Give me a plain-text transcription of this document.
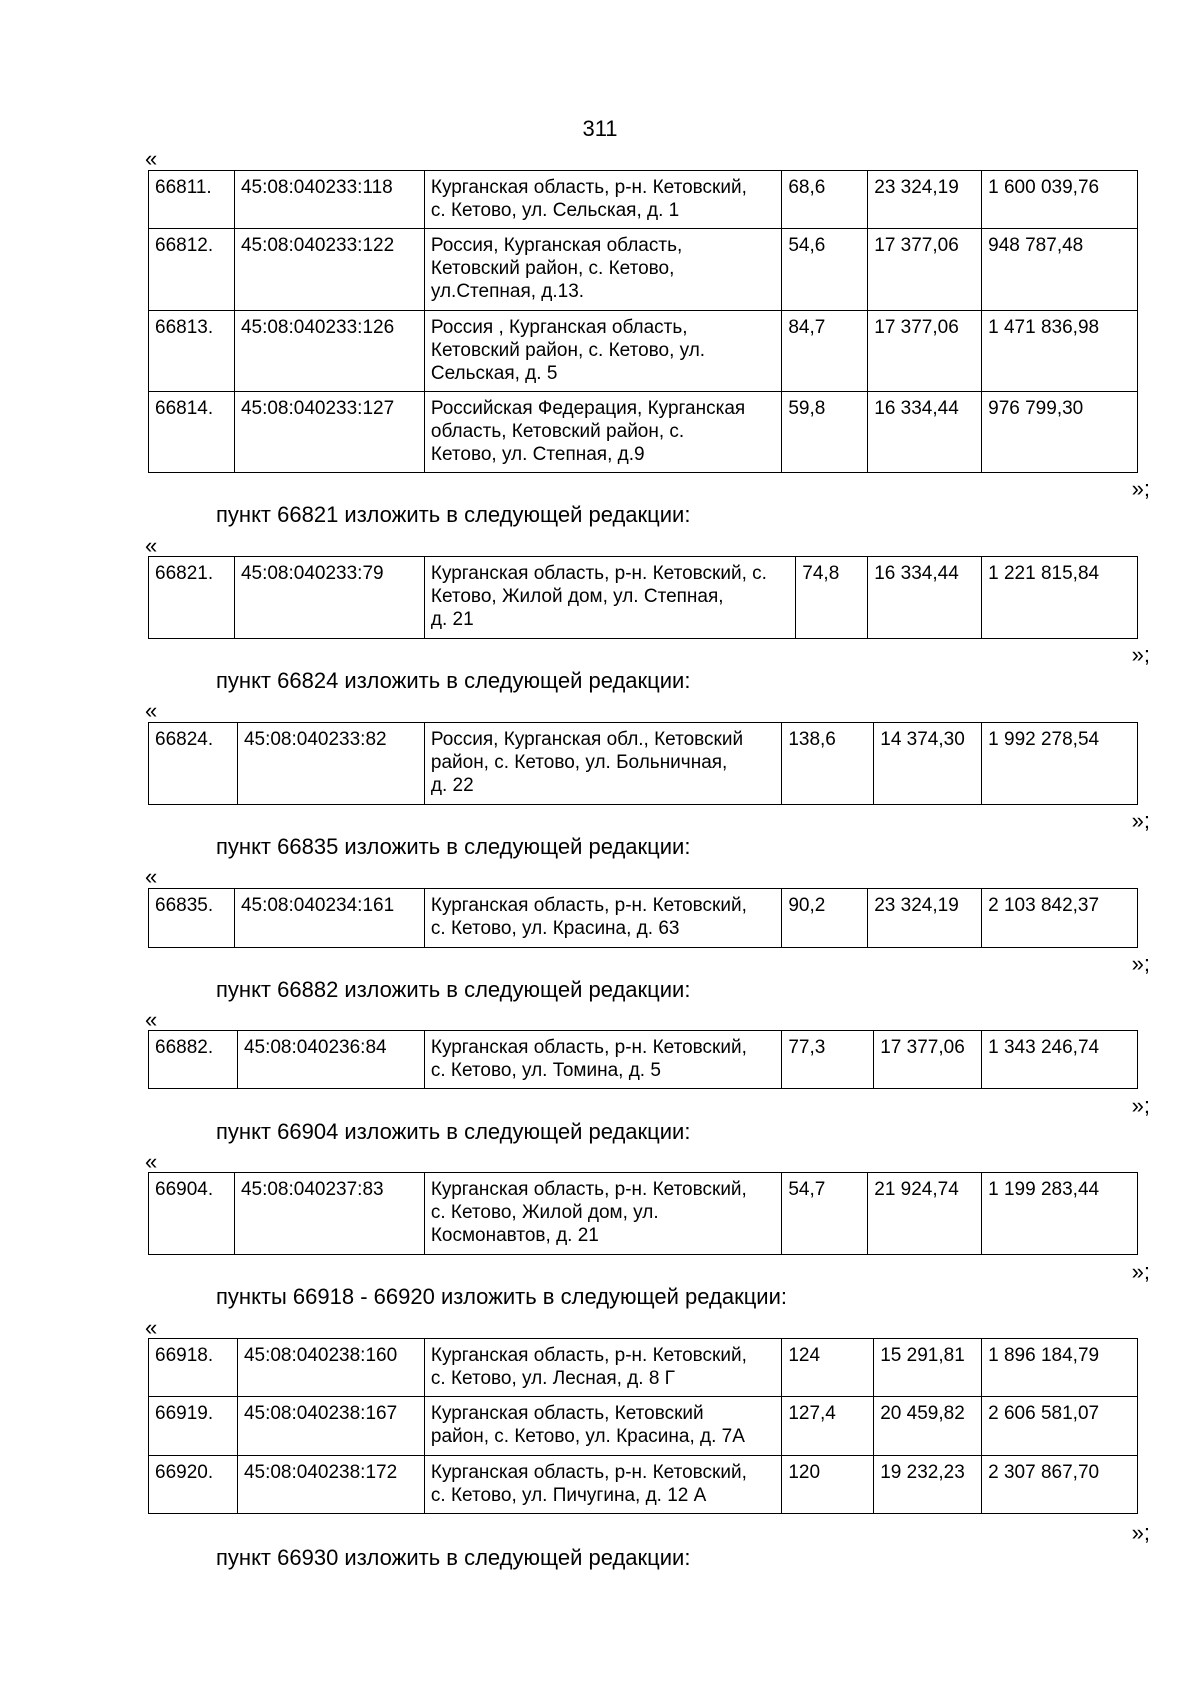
311
«
66811.	45:08:040233:118	Курганская область, р-н. Кетовский,
с. Кетово, ул. Сельская, д. 1	68,6	23 324,19	1 600 039,76
66812.	45:08:040233:122	Россия, Курганская область,
Кетовский район, с. Кетово,
ул.Степная, д.13.	54,6	17 377,06	948 787,48
66813.	45:08:040233:126	Россия , Курганская область,
Кетовский район, с. Кетово, ул.
Сельская, д. 5	84,7	17 377,06	1 471 836,98
66814.	45:08:040233:127	Российская Федерация, Курганская
область, Кетовский район, с.
Кетово, ул. Степная, д.9	59,8	16 334,44	976 799,30
»;
пункт 66821 изложить в следующей редакции:
«
66821.	45:08:040233:79	Курганская область, р-н. Кетовский, с.
Кетово, Жилой дом, ул. Степная,
д. 21	74,8	16 334,44	1 221 815,84
»;
пункт 66824 изложить в следующей редакции:
«
66824.	45:08:040233:82	Россия, Курганская обл., Кетовский
район, с. Кетово, ул. Больничная,
д. 22	138,6	14 374,30	1 992 278,54
»;
пункт 66835 изложить в следующей редакции:
«
66835.	45:08:040234:161	Курганская область, р-н. Кетовский,
с. Кетово, ул. Красина, д. 63	90,2	23 324,19	2 103 842,37
»;
пункт 66882 изложить в следующей редакции:
«
66882.	45:08:040236:84	Курганская область, р-н. Кетовский,
с. Кетово, ул. Томина, д. 5	77,3	17 377,06	1 343 246,74
»;
пункт 66904 изложить в следующей редакции:
«
66904.	45:08:040237:83	Курганская область, р-н. Кетовский,
с. Кетово, Жилой дом, ул.
Космонавтов, д. 21	54,7	21 924,74	1 199 283,44
»;
пункты 66918 - 66920 изложить в следующей редакции:
«
66918.	45:08:040238:160	Курганская область, р-н. Кетовский,
с. Кетово, ул. Лесная, д. 8 Г	124	15 291,81	1 896 184,79
66919.	45:08:040238:167	Курганская область, Кетовский
район, с. Кетово, ул. Красина, д. 7А	127,4	20 459,82	2 606 581,07
66920.	45:08:040238:172	Курганская область, р-н. Кетовский,
с. Кетово, ул. Пичугина, д. 12 А	120	19 232,23	2 307 867,70
»;
пункт 66930 изложить в следующей редакции:
